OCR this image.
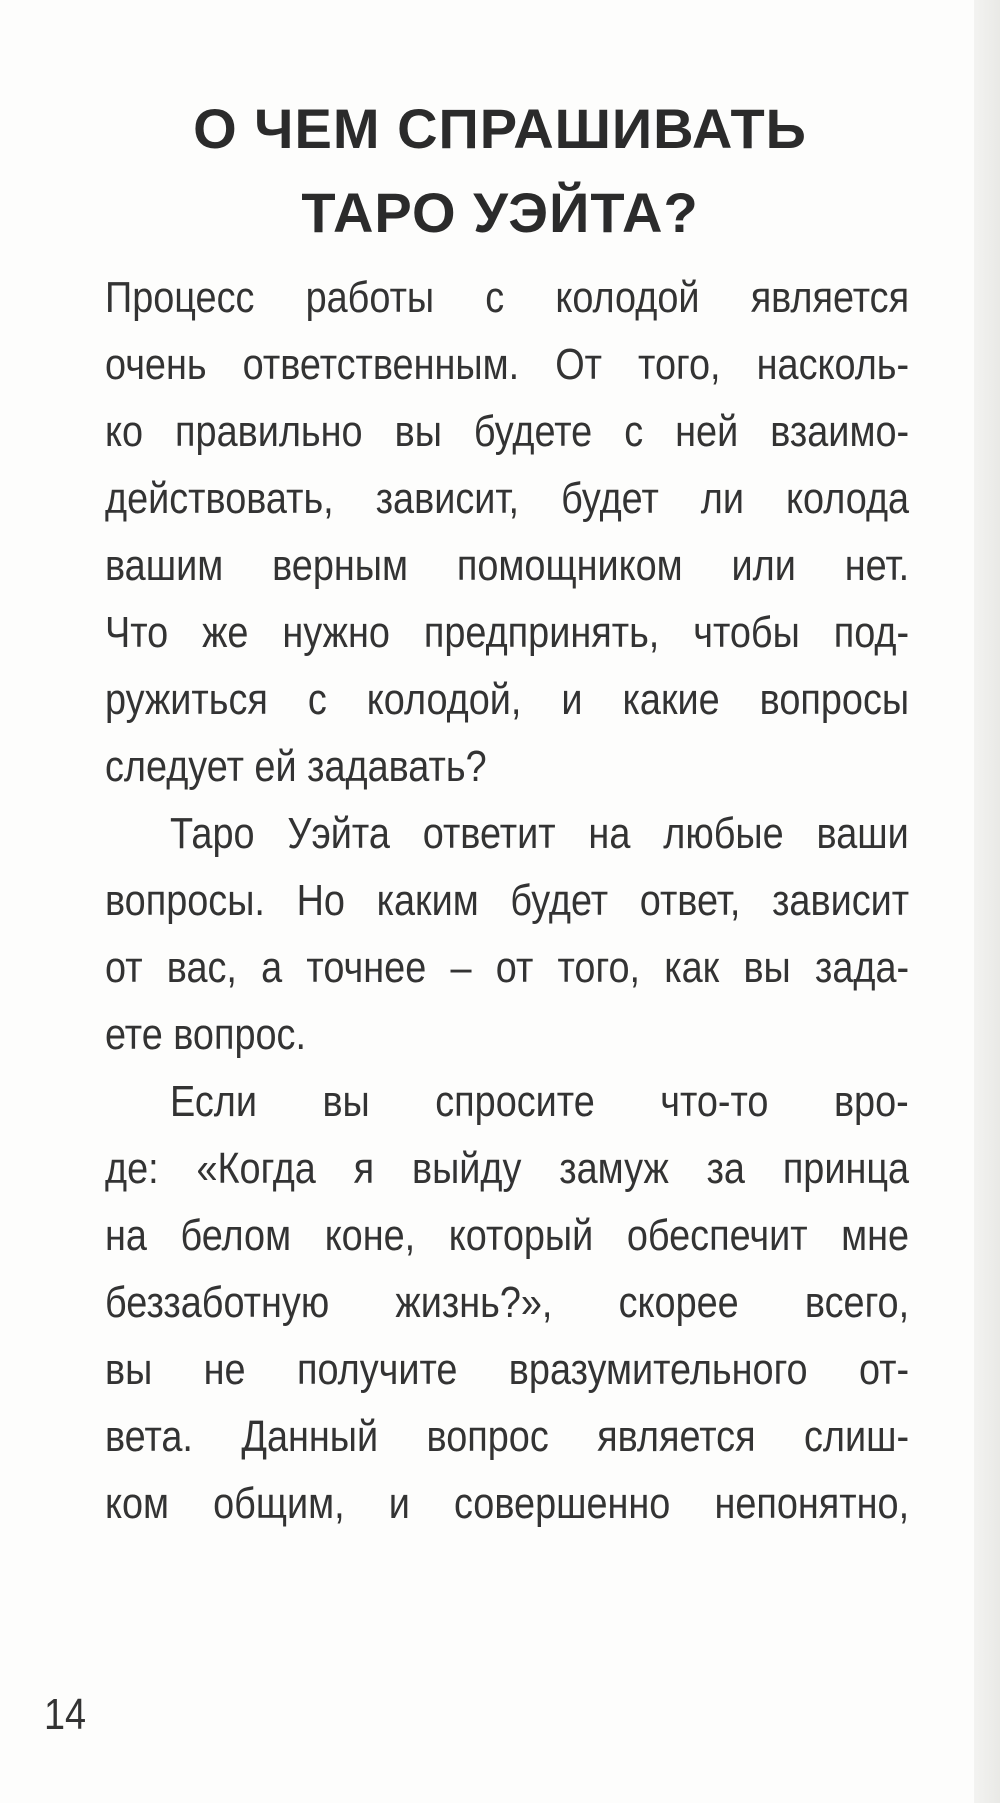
О ЧЕМ СПРАШИВАТЬ
ТАРО УЭЙТА?
Процесс работы с колодой является
очень ответственным. От того, насколь-
ко правильно вы будете с ней взаимо-
действовать, зависит, будет ли колода
вашим верным помощником или нет.
Что же нужно предпринять, чтобы под-
ружиться с колодой, и какие вопросы
следует ей задавать?
Таро Уэйта ответит на любые ваши
вопросы. Но каким будет ответ, зависит
от вас, а точнее – от того, как вы зада-
ете вопрос.
Если вы спросите что-то вро-
де: «Когда я выйду замуж за принца
на белом коне, который обеспечит мне
беззаботную жизнь?», скорее всего,
вы не получите вразумительного от-
вета. Данный вопрос является слиш-
ком общим, и совершенно непонятно,
14
